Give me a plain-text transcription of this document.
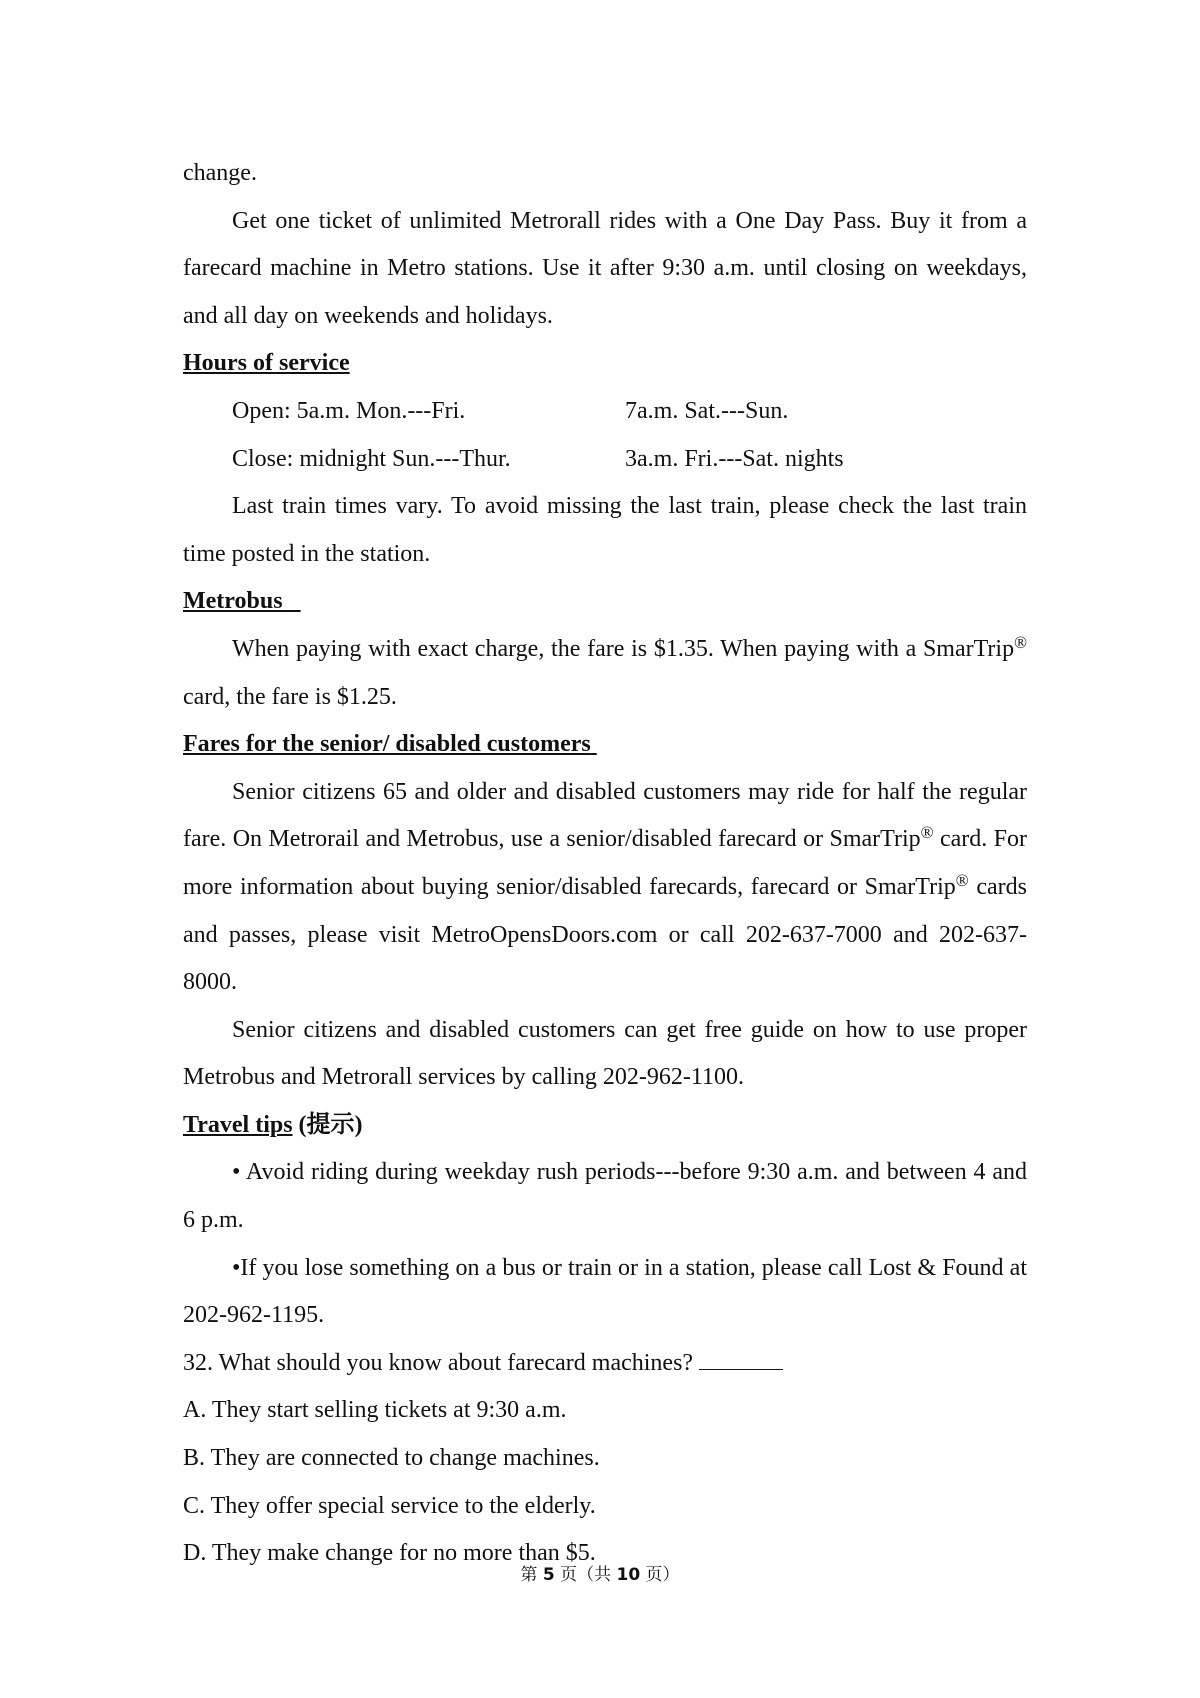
change.

Get one ticket of unlimited Metrorall rides with a One Day Pass. Buy it from a farecard machine in Metro stations. Use it after 9:30 a.m. until closing on weekdays, and all day on weekends and holidays.

Hours of service

Open: 5a.m. Mon.---Fri.	7a.m. Sat.---Sun.
Close: midnight Sun.---Thur.	3a.m. Fri.---Sat. nights

Last train times vary. To avoid missing the last train, please check the last train time posted in the station.

Metrobus

When paying with exact charge, the fare is $1.35. When paying with a SmarTrip® card, the fare is $1.25.

Fares for the senior/ disabled customers

Senior citizens 65 and older and disabled customers may ride for half the regular fare. On Metrorail and Metrobus, use a senior/disabled farecard or SmarTrip® card. For more information about buying senior/disabled farecards, farecard or SmarTrip® cards and passes, please visit MetroOpensDoors.com or call 202-637-7000 and 202-637-8000.

Senior citizens and disabled customers can get free guide on how to use proper Metrobus and Metrorall services by calling 202-962-1100.

Travel tips (提示)

• Avoid riding during weekday rush periods---before 9:30 a.m. and between 4 and 6 p.m.

•If you lose something on a bus or train or in a station, please call Lost & Found at 202-962-1195.

32. What should you know about farecard machines?

A. They start selling tickets at 9:30 a.m.

B. They are connected to change machines.

C. They offer special service to the elderly.

D. They make change for no more than $5.

第 5 页（共 10 页）
